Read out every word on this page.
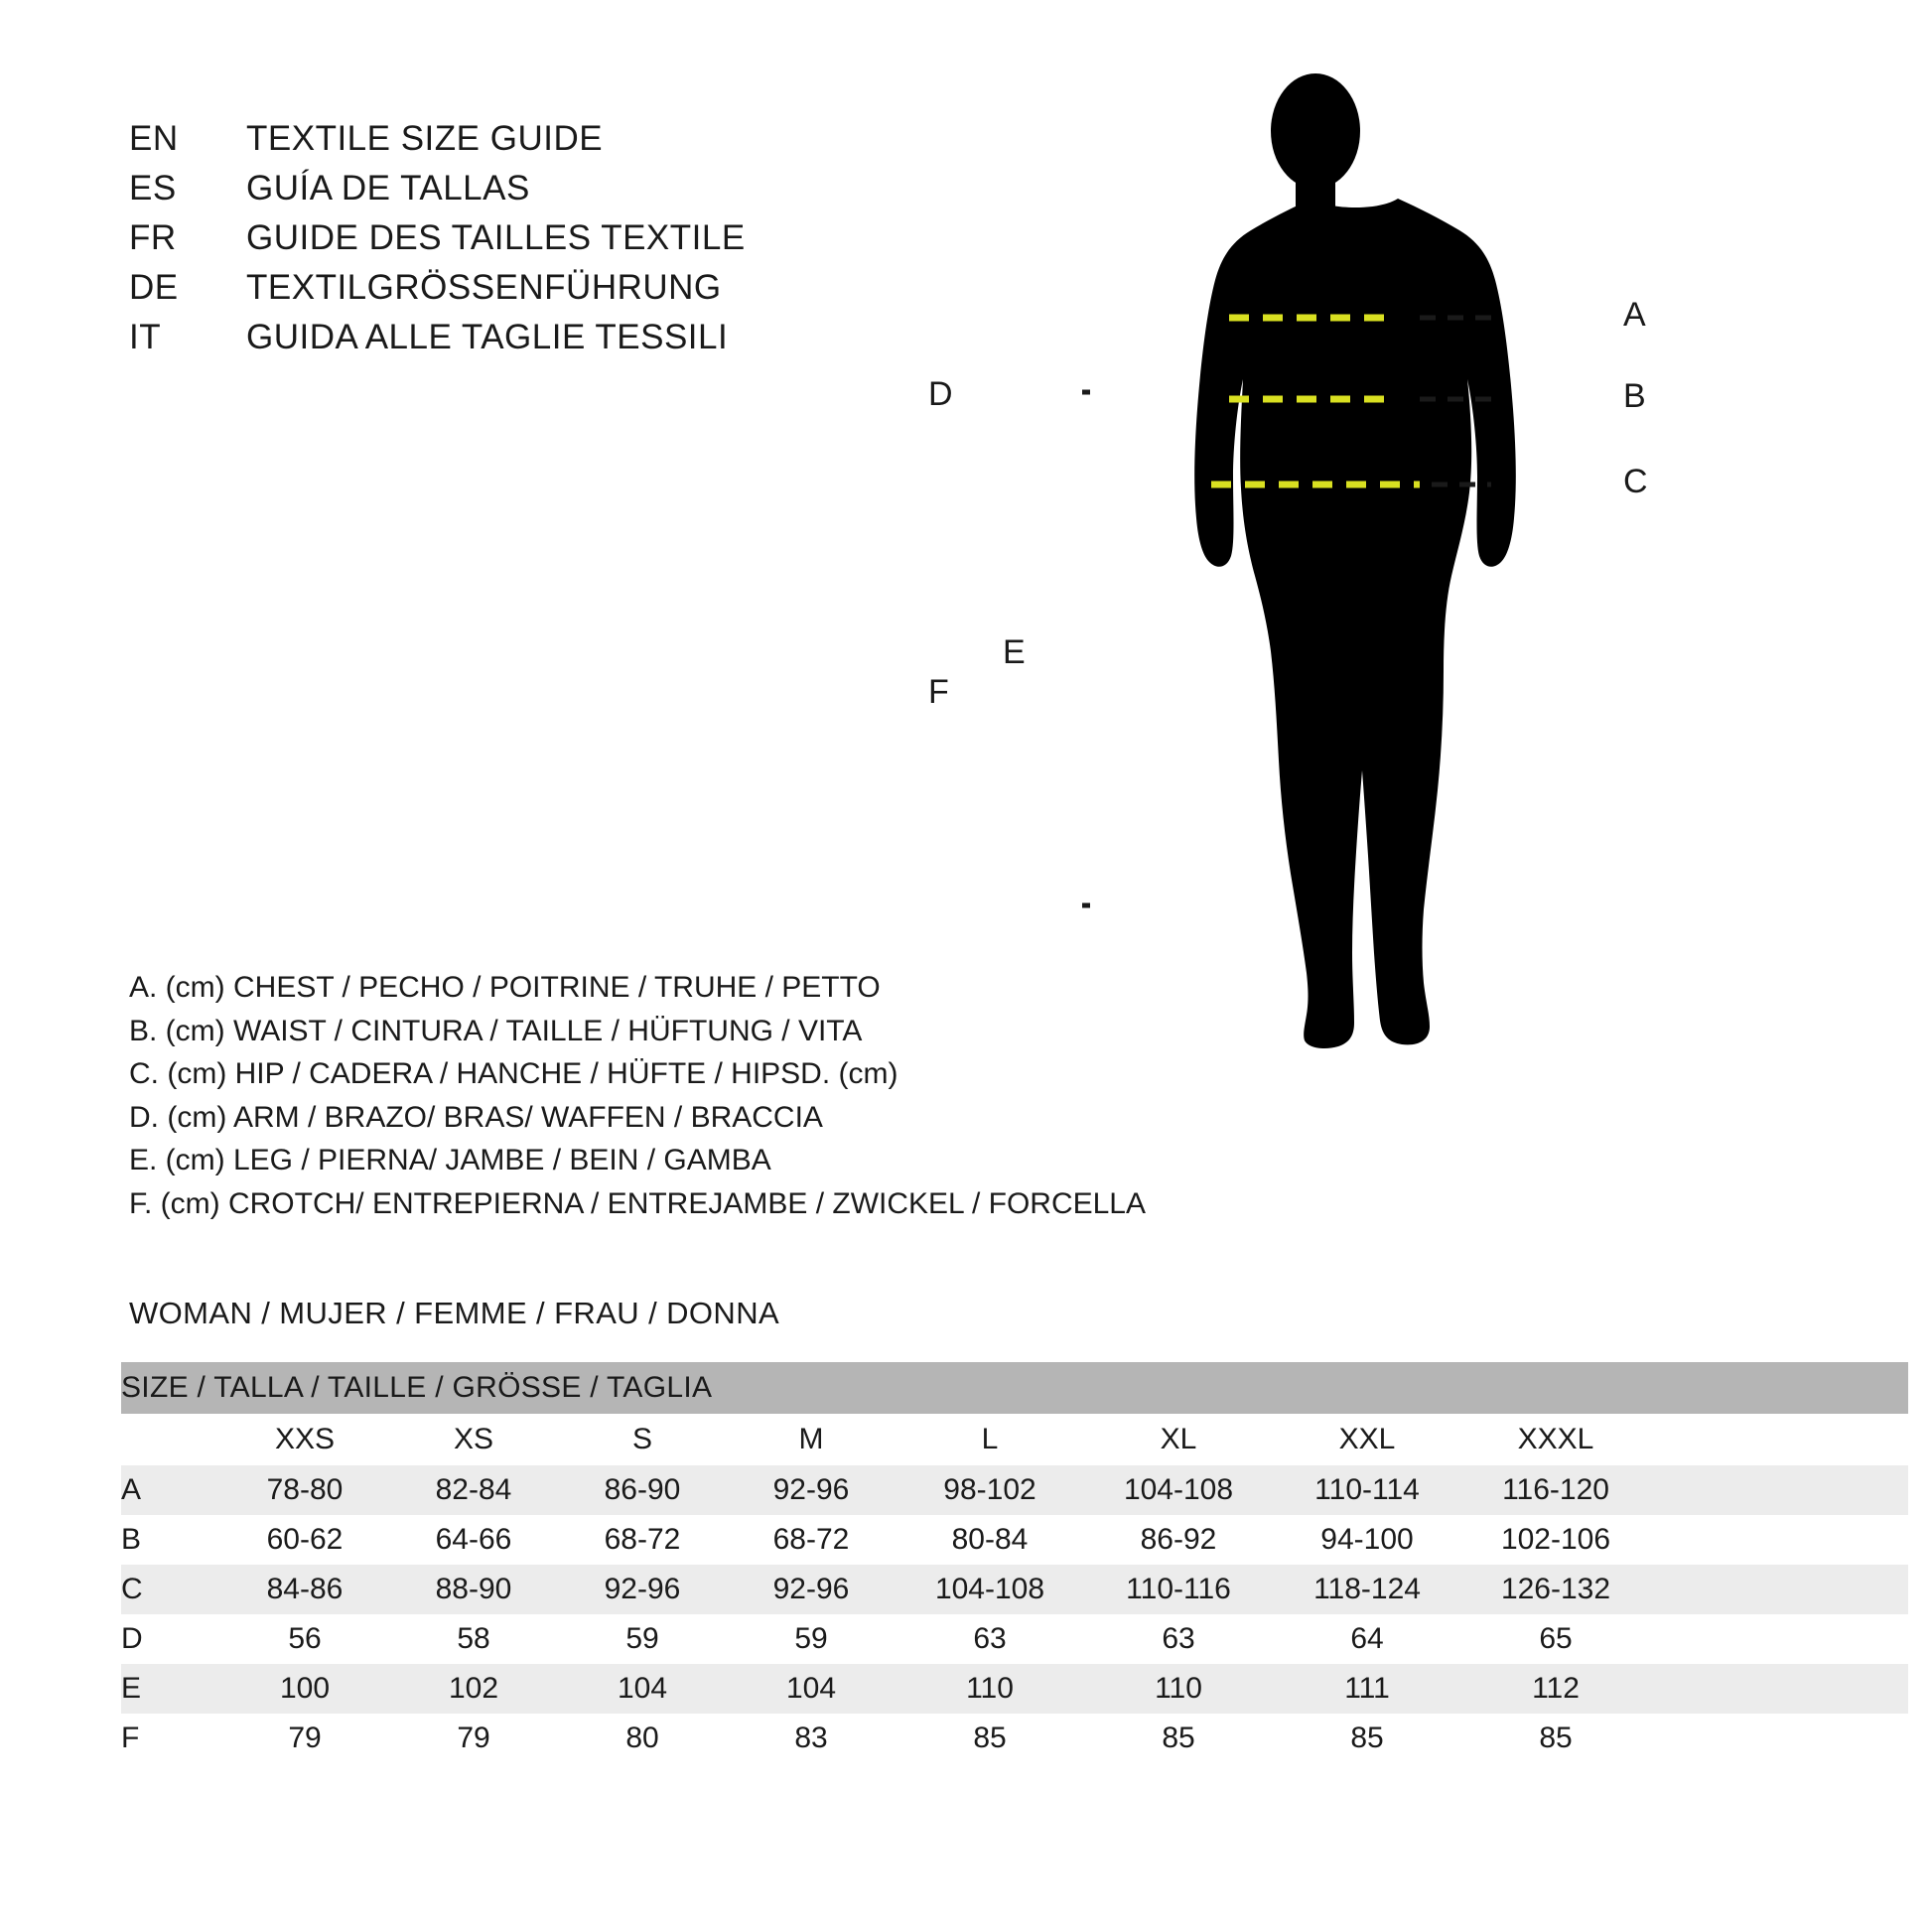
EN	TEXTILE SIZE GUIDE
ES	GUÍA DE TALLAS
FR	GUIDE DES TAILLES TEXTILE
DE	TEXTILGRÖSSENFÜHRUNG
IT	GUIDA ALLE TAGLIE TESSILI
A. (cm) CHEST / PECHO / POITRINE / TRUHE / PETTO
B. (cm) WAIST / CINTURA / TAILLE / HÜFTUNG / VITA
C. (cm) HIP / CADERA / HANCHE / HÜFTE / HIPSD. (cm)
D. (cm) ARM / BRAZO/ BRAS/ WAFFEN / BRACCIA
E. (cm) LEG / PIERNA/ JAMBE / BEIN / GAMBA
F. (cm) CROTCH/ ENTREPIERNA / ENTREJAMBE / ZWICKEL / FORCELLA
WOMAN / MUJER / FEMME / FRAU / DONNA
A
B
C
D
E
F
SIZE / TALLA / TAILLE / GRÖSSE / TAGLIA									
	XXS	XS	S	M	L	XL	XXL	XXXL	
A	78-80	82-84	86-90	92-96	98-102	104-108	110-114	116-120	
B	60-62	64-66	68-72	68-72	80-84	86-92	94-100	102-106	
C	84-86	88-90	92-96	92-96	104-108	110-116	118-124	126-132	
D	56	58	59	59	63	63	64	65	
E	100	102	104	104	110	110	111	112	
F	79	79	80	83	85	85	85	85	
